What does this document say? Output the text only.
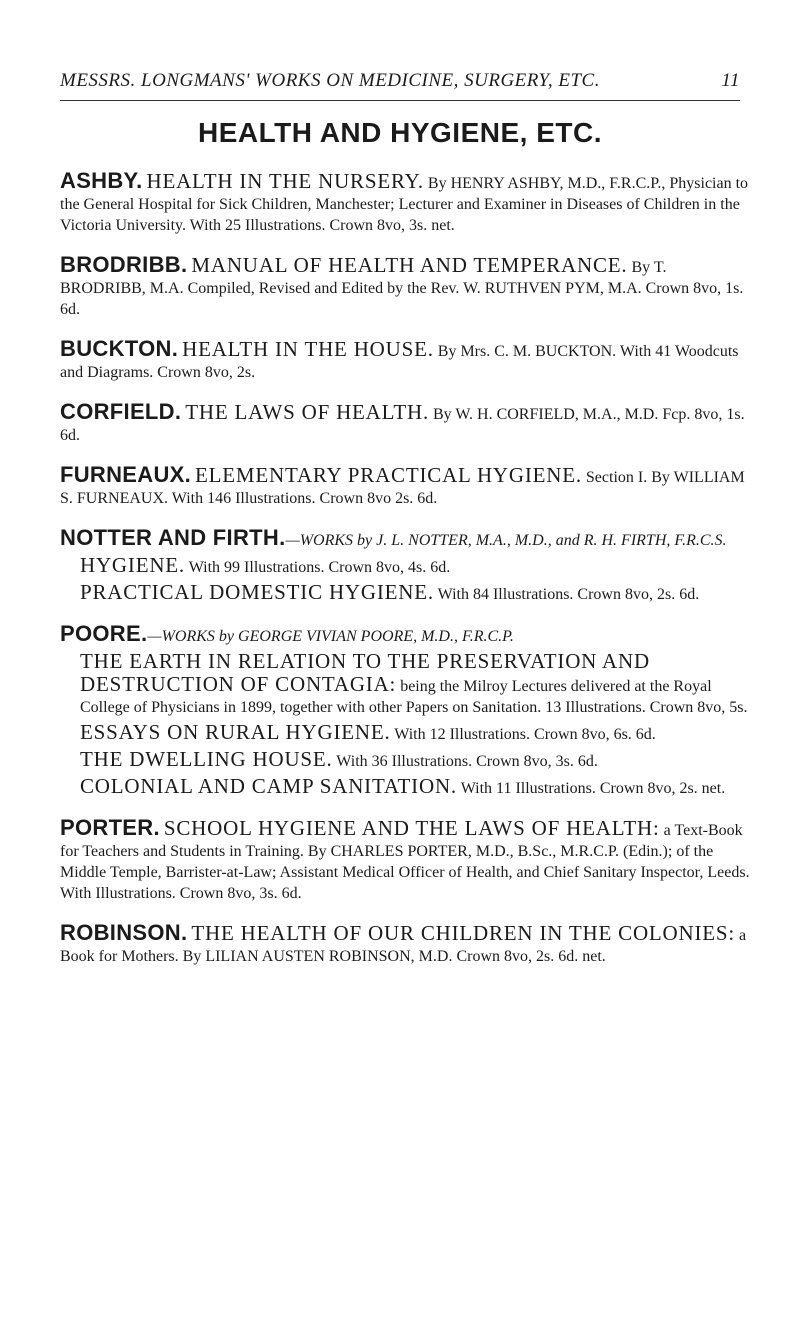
MESSRS. LONGMANS' WORKS ON MEDICINE, SURGERY, ETC.	11
HEALTH AND HYGIENE, ETC.

ASHBY. HEALTH IN THE NURSERY. By HENRY ASHBY, M.D., F.R.C.P., Physician to the General Hospital for Sick Children, Manchester; Lecturer and Examiner in Diseases of Children in the Victoria University. With 25 Illustrations. Crown 8vo, 3s. net.

BRODRIBB. MANUAL OF HEALTH AND TEMPERANCE. By T. BRODRIBB, M.A. Compiled, Revised and Edited by the Rev. W. RUTHVEN PYM, M.A. Crown 8vo, 1s. 6d.

BUCKTON. HEALTH IN THE HOUSE. By Mrs. C. M. BUCKTON. With 41 Woodcuts and Diagrams. Crown 8vo, 2s.

CORFIELD. THE LAWS OF HEALTH. By W. H. CORFIELD, M.A., M.D. Fcp. 8vo, 1s. 6d.

FURNEAUX. ELEMENTARY PRACTICAL HYGIENE. Section I. By WILLIAM S. FURNEAUX. With 146 Illustrations. Crown 8vo 2s. 6d.

NOTTER AND FIRTH.—WORKS by J. L. NOTTER, M.A., M.D., and R. H. FIRTH, F.R.C.S.

HYGIENE. With 99 Illustrations. Crown 8vo, 4s. 6d.

PRACTICAL DOMESTIC HYGIENE. With 84 Illustrations. Crown 8vo, 2s. 6d.

POORE.—WORKS by GEORGE VIVIAN POORE, M.D., F.R.C.P.

THE EARTH IN RELATION TO THE PRESERVATION AND DESTRUCTION OF CONTAGIA: being the Milroy Lectures delivered at the Royal College of Physicians in 1899, together with other Papers on Sanitation. 13 Illustrations. Crown 8vo, 5s.

ESSAYS ON RURAL HYGIENE. With 12 Illustrations. Crown 8vo, 6s. 6d.

THE DWELLING HOUSE. With 36 Illustrations. Crown 8vo, 3s. 6d.

COLONIAL AND CAMP SANITATION. With 11 Illustrations. Crown 8vo, 2s. net.

PORTER. SCHOOL HYGIENE AND THE LAWS OF HEALTH: a Text-Book for Teachers and Students in Training. By CHARLES PORTER, M.D., B.Sc., M.R.C.P. (Edin.); of the Middle Temple, Barrister-at-Law; Assistant Medical Officer of Health, and Chief Sanitary Inspector, Leeds. With Illustrations. Crown 8vo, 3s. 6d.

ROBINSON. THE HEALTH OF OUR CHILDREN IN THE COLONIES: a Book for Mothers. By LILIAN AUSTEN ROBINSON, M.D. Crown 8vo, 2s. 6d. net.
